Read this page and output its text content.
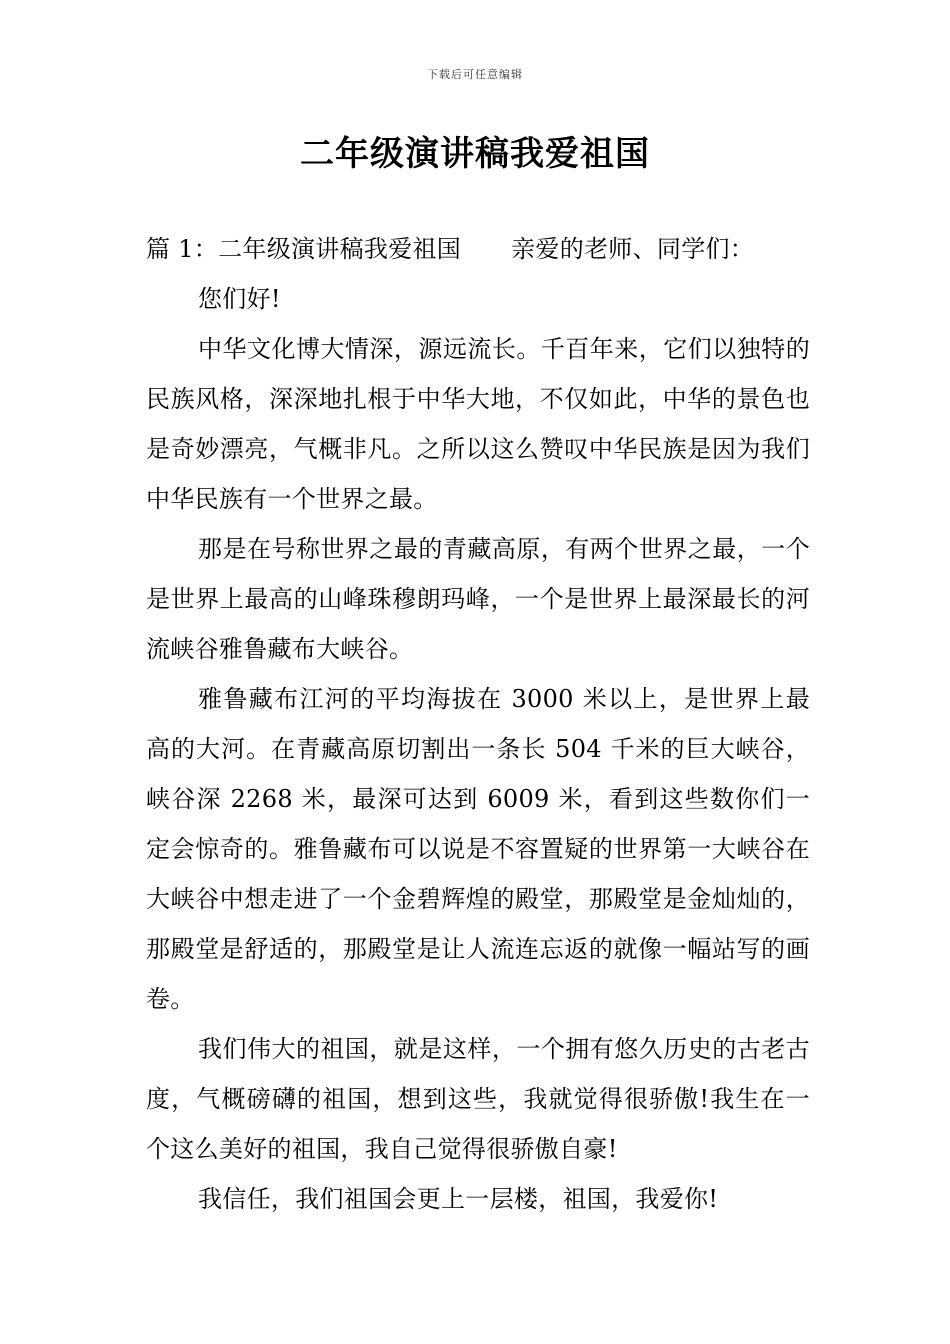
下载后可任意编辑
二年级演讲稿我爱祖国

篇 1：二年级演讲稿我爱祖国 亲爱的老师、同学们：

您们好!

中华文化博大情深，源远流长。千百年来，它们以独特的民族风格，深深地扎根于中华大地，不仅如此，中华的景色也是奇妙漂亮，气概非凡。之所以这么赞叹中华民族是因为我们中华民族有一个世界之最。

那是在号称世界之最的青藏高原，有两个世界之最，一个是世界上最高的山峰珠穆朗玛峰，一个是世界上最深最长的河流峡谷雅鲁藏布大峡谷。

雅鲁藏布江河的平均海拔在 3000 米以上，是世界上最高的大河。在青藏高原切割出一条长 504 千米的巨大峡谷，峡谷深 2268 米，最深可达到 6009 米，看到这些数你们一定会惊奇的。雅鲁藏布可以说是不容置疑的世界第一大峡谷在大峡谷中想走进了一个金碧辉煌的殿堂，那殿堂是金灿灿的，那殿堂是舒适的，那殿堂是让人流连忘返的就像一幅站写的画卷。

我们伟大的祖国，就是这样，一个拥有悠久历史的古老古度，气概磅礴的祖国，想到这些，我就觉得很骄傲!我生在一个这么美好的祖国，我自己觉得很骄傲自豪!

我信任，我们祖国会更上一层楼，祖国，我爱你!
